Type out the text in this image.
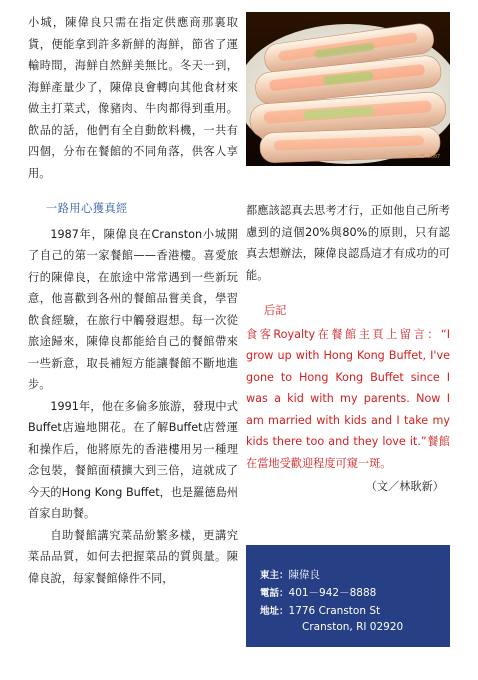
小城，陳偉良只需在指定供應商那裏取貨，便能拿到許多新鮮的海鮮，節省了運輸時間，海鮮自然鮮美無比。冬天一到，海鮮產量少了，陳偉良會轉向其他食材來做主打菜式，像豬肉、牛肉都得到重用。飲品的話，他們有全自動飲料機，一共有四個，分布在餐館的不同角落，供客人享用。

一路用心獲真經

1987年，陳偉良在Cranston小城開了自己的第一家餐館——香港樓。喜愛旅行的陳偉良，在旅途中常常遇到一些新玩意，他喜歡到各州的餐館品嘗美食，學習飲食經驗，在旅行中觸發遐想。每一次從旅途歸來，陳偉良都能給自己的餐館帶來一些新意，取長補短方能讓餐館不斷地進步。

1991年，他在多倫多旅游，發現中式Buffet店遍地開花。在了解Buffet店營運和操作后，他將原先的香港樓用另一種理念包裝，餐館面積擴大到三倍，這就成了今天的Hong Kong Buffet，也是羅德島州首家自助餐。

自助餐館講究菜品紛繁多樣，更講究菜品品質，如何去把握菜品的質與量。陳偉良說，每家餐館條件不同，

Jan 25 2007

都應該認真去思考才行，正如他自己所考慮到的這個20%與80%的原則，只有認真去想辦法，陳偉良認爲這才有成功的可能。

后記

食客Royalty在餐館主頁上留言：“I grow up with Hong Kong Buffet, I've gone to Hong Kong Buffet since I was a kid with my parents. Now I am married with kids and I take my kids there too and they love it.”餐館在當地受歡迎程度可窺一斑。

（文／林耿新）
東主：陳偉良
電話：401－942－8888
地址：1776 Cranston St
Cranston, RI 02920
